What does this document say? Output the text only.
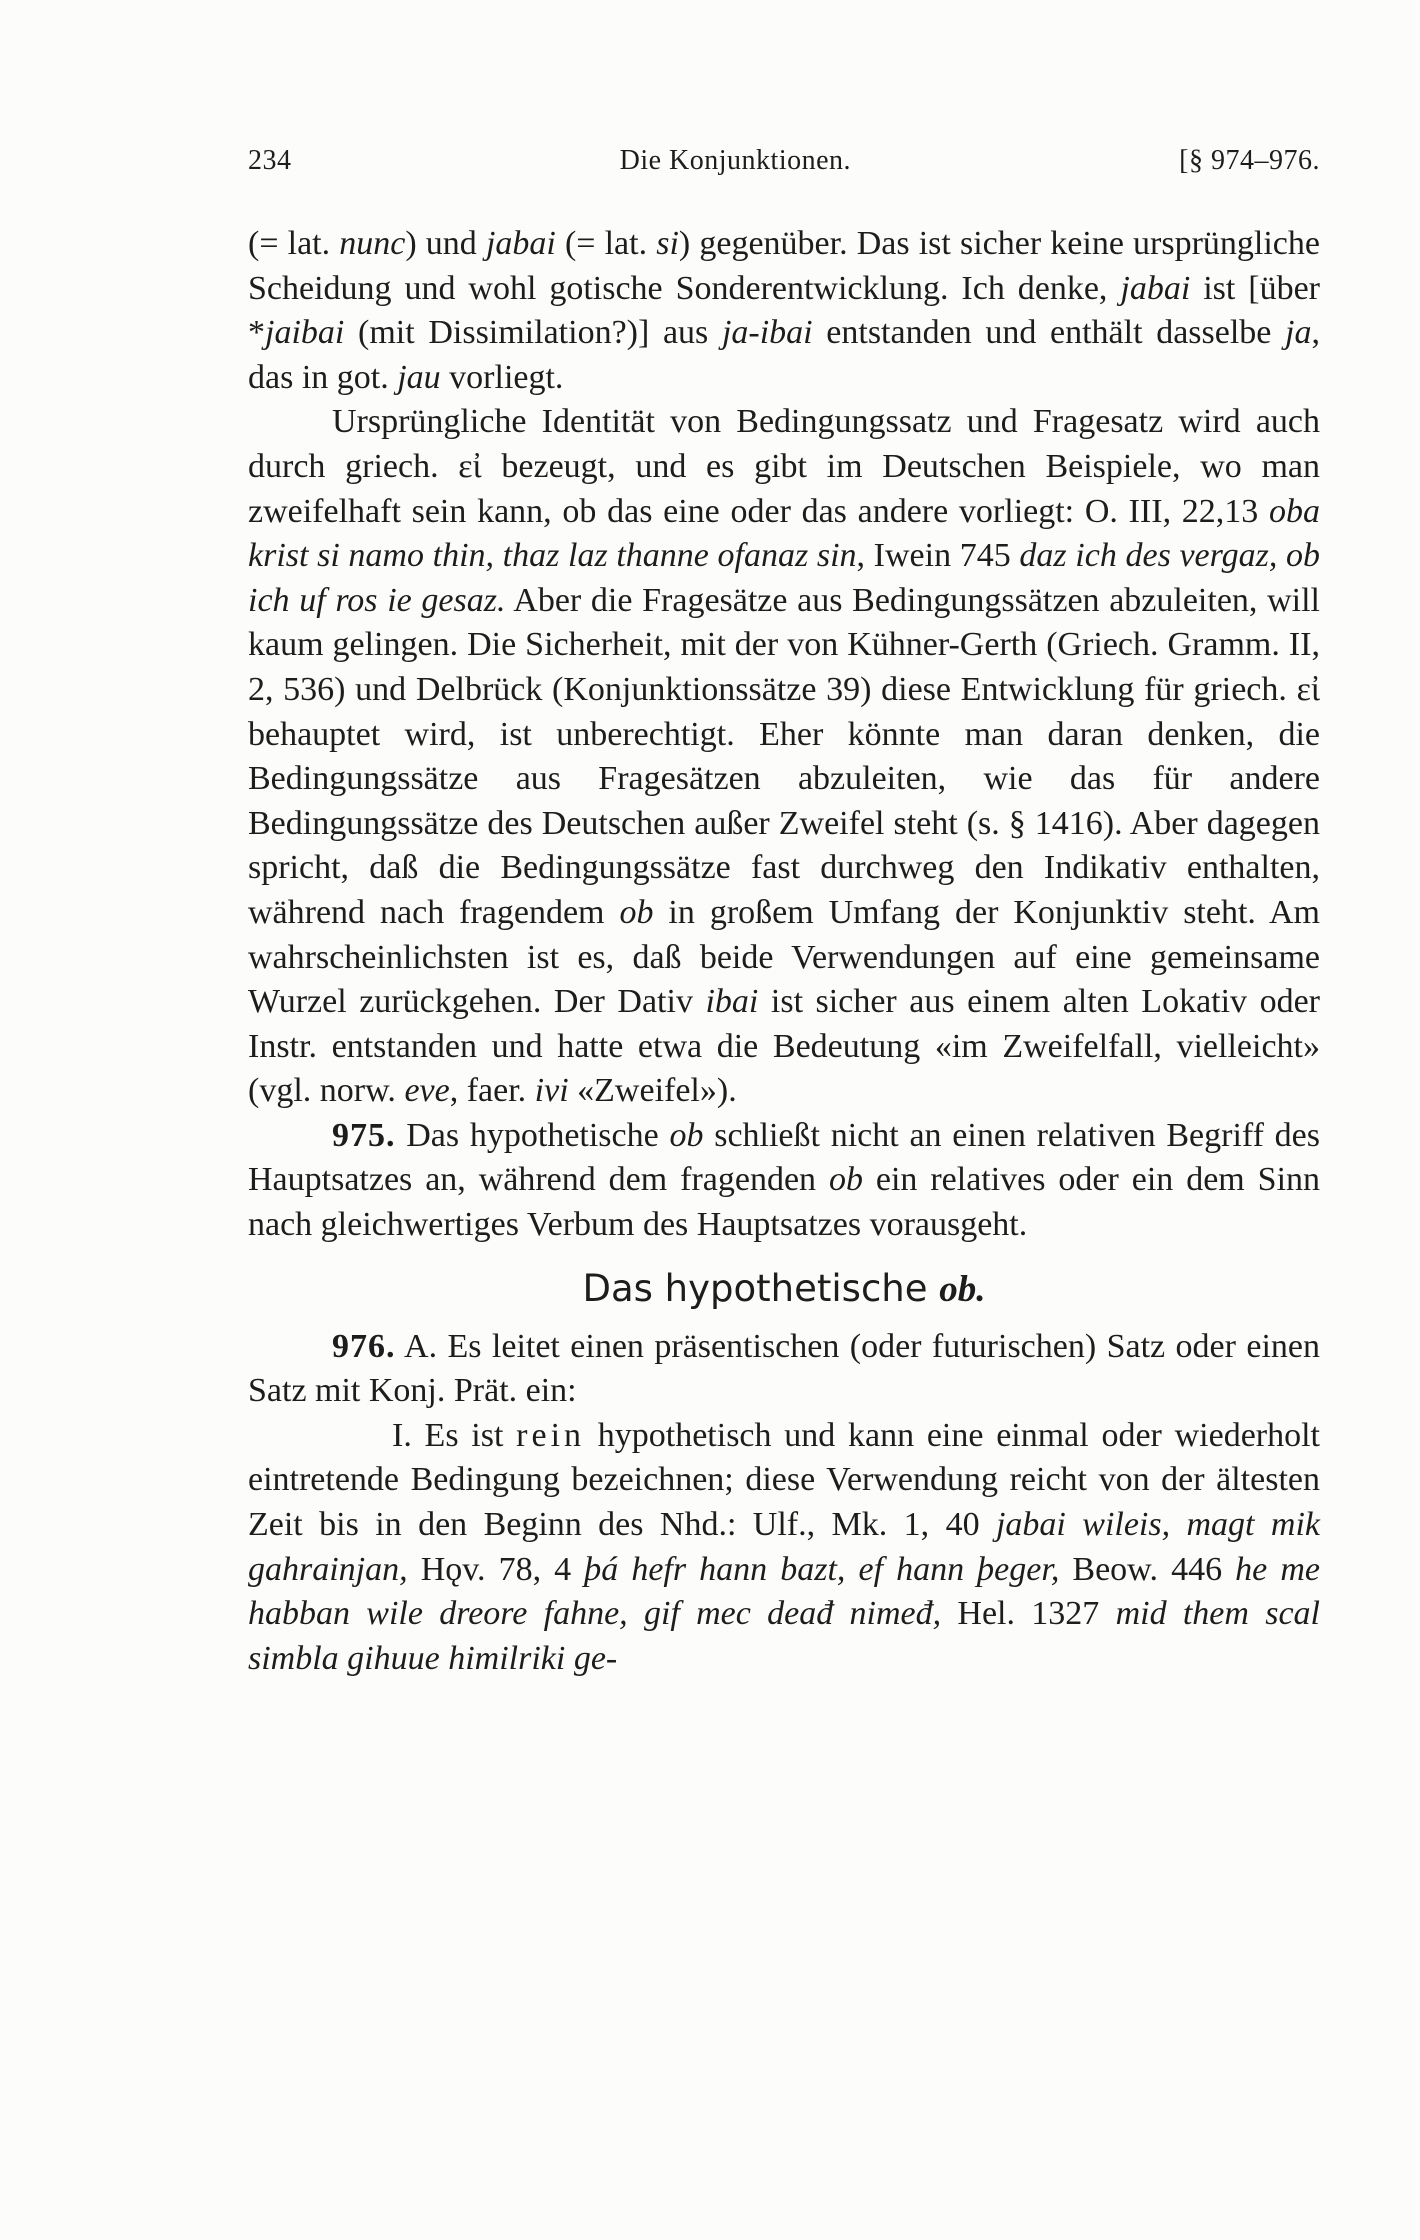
234	Die Konjunktionen.	[§ 974–976.

(= lat. nunc) und jabai (= lat. si) gegenüber. Das ist sicher keine ursprüngliche Scheidung und wohl gotische Sonderentwicklung. Ich denke, jabai ist [über *jaibai (mit Dissimilation?)] aus ja-ibai entstanden und enthält dasselbe ja, das in got. jau vorliegt.

Ursprüngliche Identität von Bedingungssatz und Fragesatz wird auch durch griech. εἰ bezeugt, und es gibt im Deutschen Beispiele, wo man zweifelhaft sein kann, ob das eine oder das andere vorliegt: O. III, 22,13 oba krist si namo thin, thaz laz thanne ofanaz sin, Iwein 745 daz ich des vergaz, ob ich uf ros ie gesaz. Aber die Fragesätze aus Bedingungssätzen abzuleiten, will kaum gelingen. Die Sicherheit, mit der von Kühner-Gerth (Griech. Gramm. II, 2, 536) und Delbrück (Konjunktionssätze 39) diese Entwicklung für griech. εἰ behauptet wird, ist unberechtigt. Eher könnte man daran denken, die Bedingungssätze aus Fragesätzen abzuleiten, wie das für andere Bedingungssätze des Deutschen außer Zweifel steht (s. § 1416). Aber dagegen spricht, daß die Bedingungssätze fast durchweg den Indikativ enthalten, während nach fragendem ob in großem Umfang der Konjunktiv steht. Am wahrscheinlichsten ist es, daß beide Verwendungen auf eine gemeinsame Wurzel zurückgehen. Der Dativ ibai ist sicher aus einem alten Lokativ oder Instr. entstanden und hatte etwa die Bedeutung «im Zweifelfall, vielleicht» (vgl. norw. eve, faer. ivi «Zweifel»).

975. Das hypothetische ob schließt nicht an einen relativen Begriff des Hauptsatzes an, während dem fragenden ob ein relatives oder ein dem Sinn nach gleichwertiges Verbum des Hauptsatzes vorausgeht.

Das hypothetische ob.

976. A. Es leitet einen präsentischen (oder futurischen) Satz oder einen Satz mit Konj. Prät. ein:

I. Es ist rein hypothetisch und kann eine einmal oder wiederholt eintretende Bedingung bezeichnen; diese Verwendung reicht von der ältesten Zeit bis in den Beginn des Nhd.: Ulf., Mk. 1, 40 jabai wileis, magt mik gahrainjan, Hǫv. 78, 4 þá hefr hann bazt, ef hann þeger, Beow. 446 he me habban wile dreore fahne, gif mec deađ nimeđ, Hel. 1327 mid them scal simbla gihuue himilriki ge-
